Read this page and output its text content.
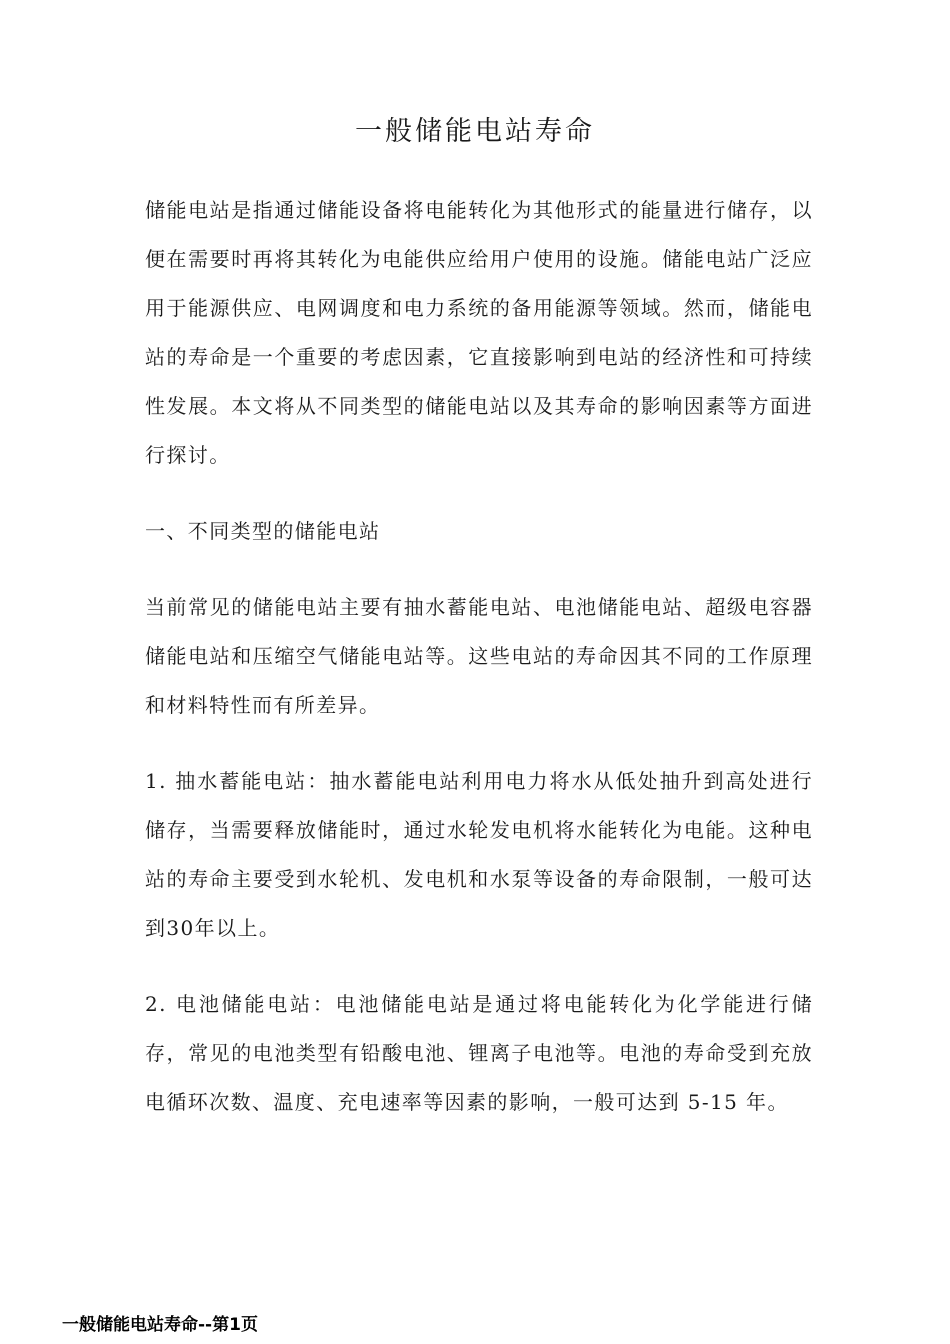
一般储能电站寿命

储能电站是指通过储能设备将电能转化为其他形式的能量进行储存，以便在需要时再将其转化为电能供应给用户使用的设施。储能电站广泛应用于能源供应、电网调度和电力系统的备用能源等领域。然而，储能电站的寿命是一个重要的考虑因素，它直接影响到电站的经济性和可持续性发展。本文将从不同类型的储能电站以及其寿命的影响因素等方面进行探讨。

一、不同类型的储能电站

当前常见的储能电站主要有抽水蓄能电站、电池储能电站、超级电容器储能电站和压缩空气储能电站等。这些电站的寿命因其不同的工作原理和材料特性而有所差异。

1. 抽水蓄能电站：抽水蓄能电站利用电力将水从低处抽升到高处进行储存，当需要释放储能时，通过水轮发电机将水能转化为电能。这种电站的寿命主要受到水轮机、发电机和水泵等设备的寿命限制，一般可达到30年以上。

2. 电池储能电站：电池储能电站是通过将电能转化为化学能进行储存，常见的电池类型有铅酸电池、锂离子电池等。电池的寿命受到充放电循环次数、温度、充电速率等因素的影响，一般可达到 5-15 年。

一般储能电站寿命--第1页
